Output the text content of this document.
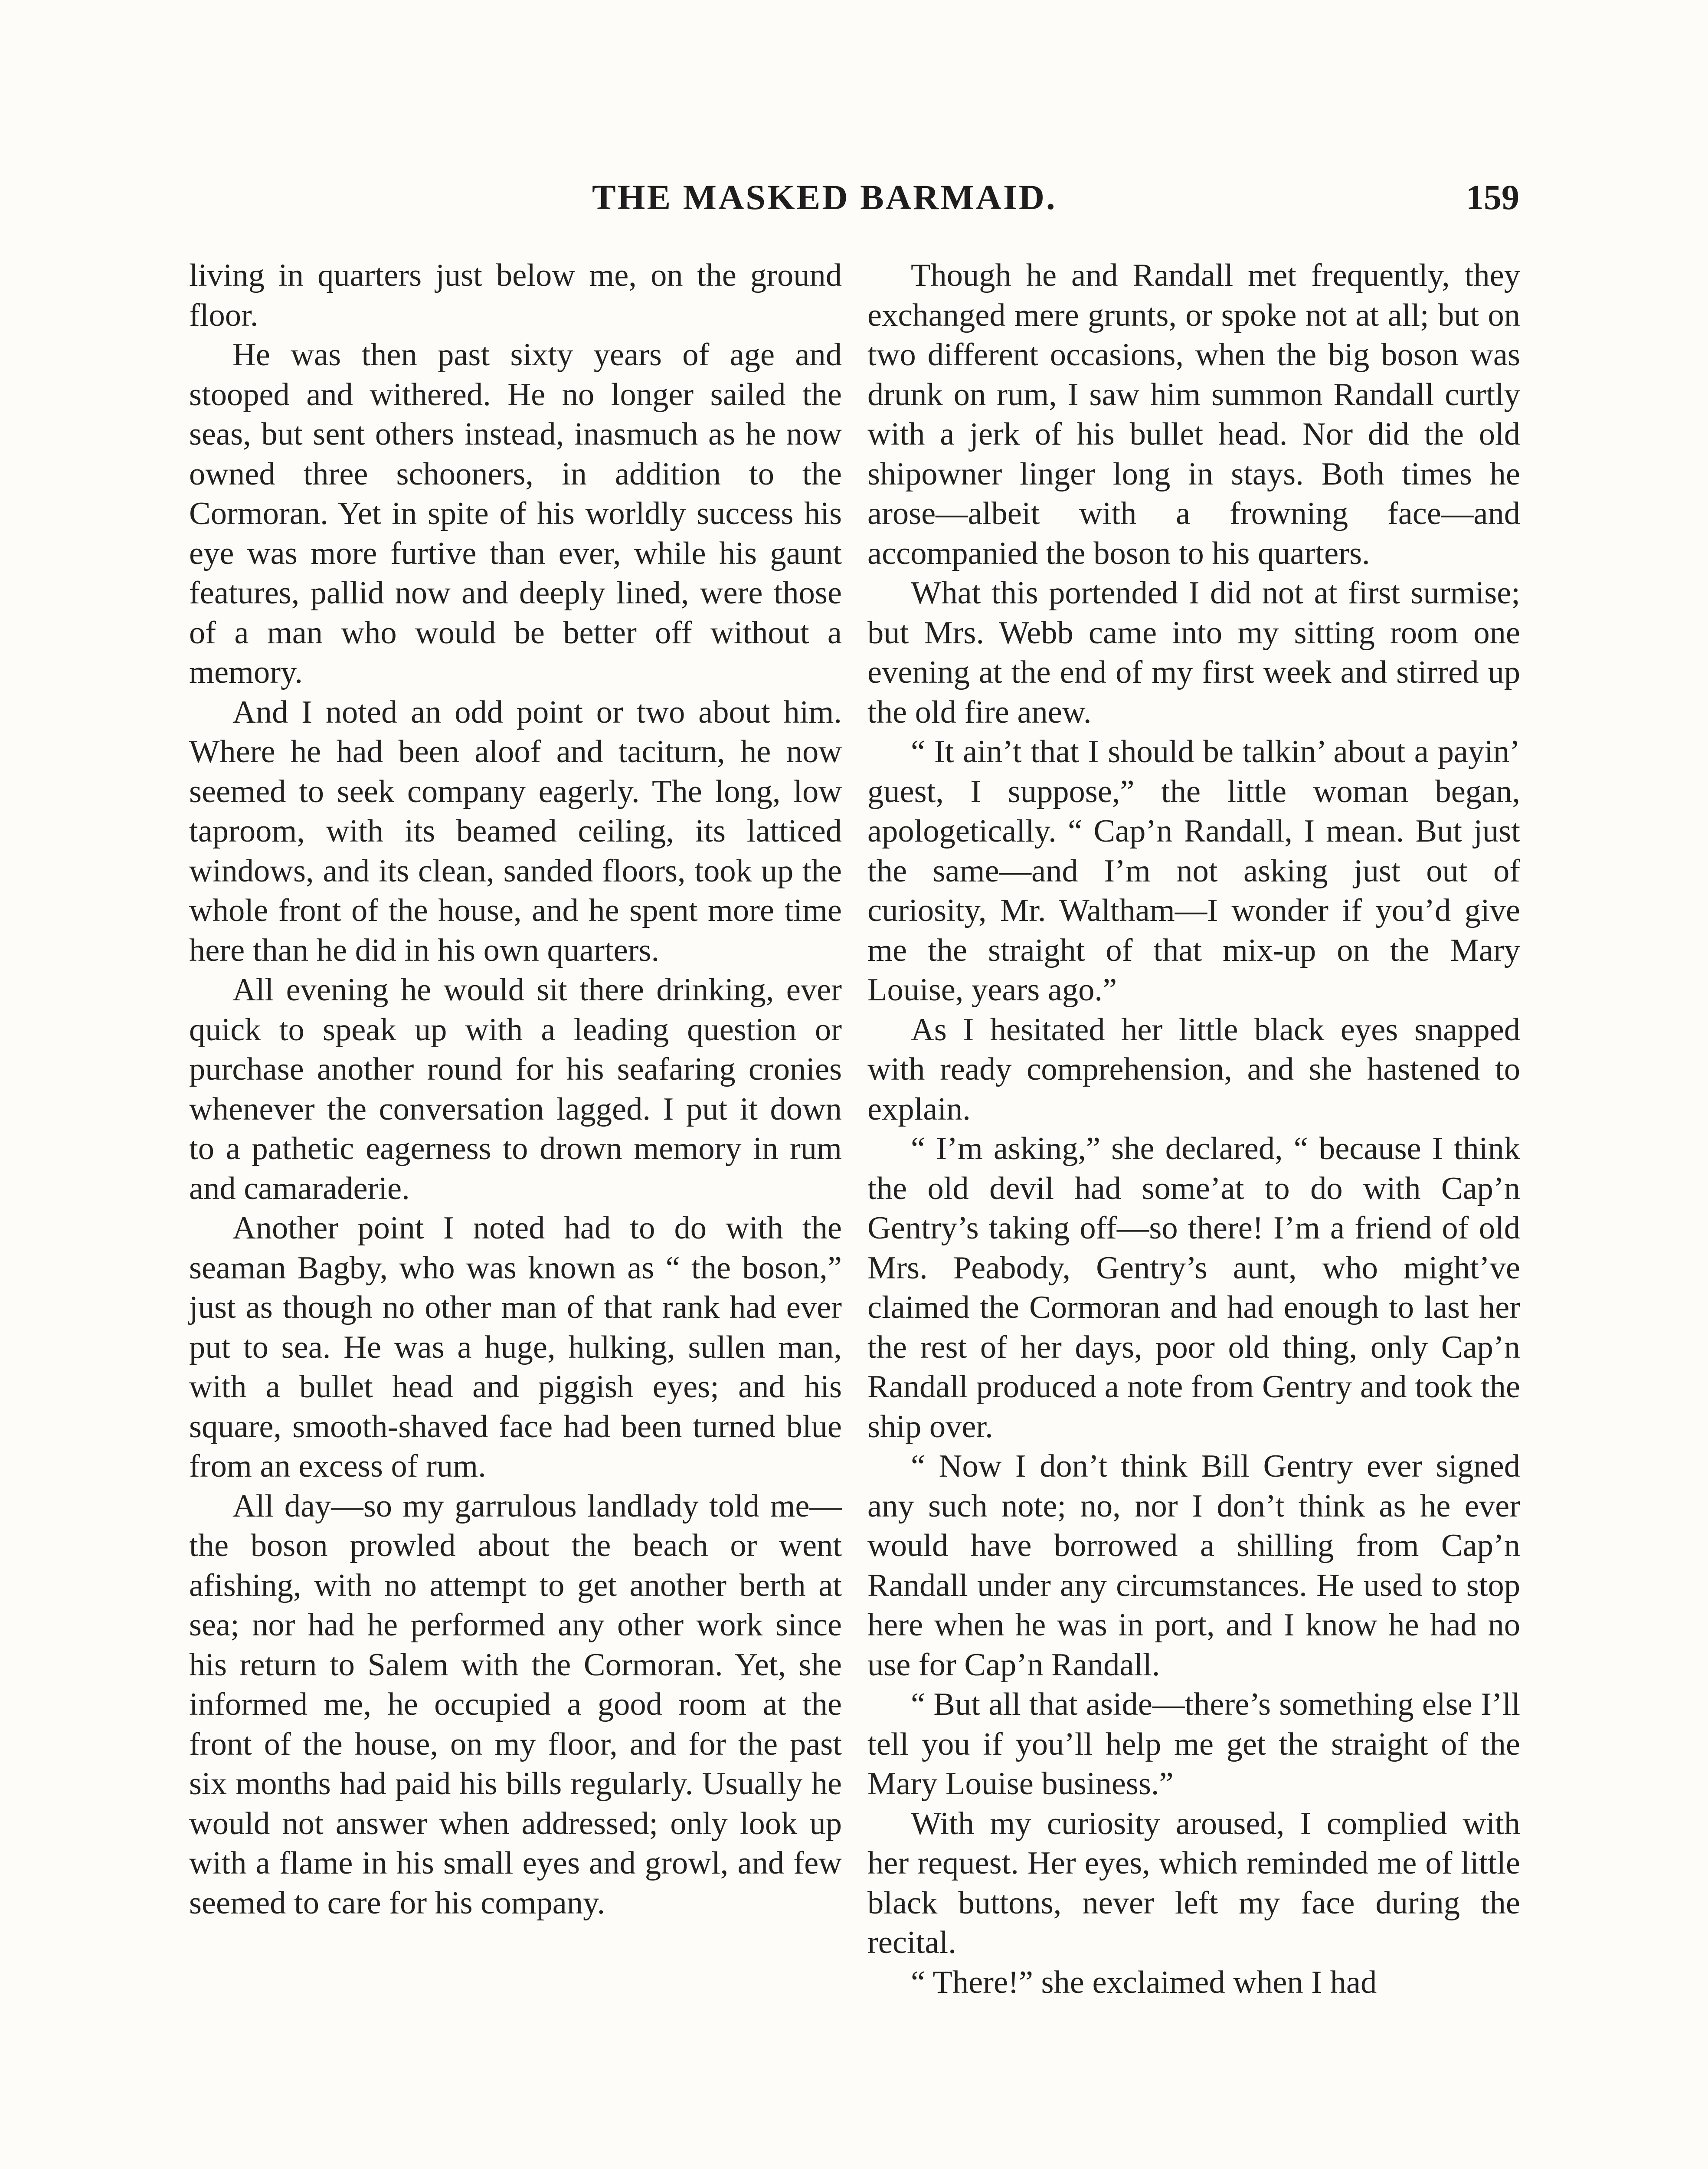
THE MASKED BARMAID.	159

living in quarters just below me, on the ground floor.

He was then past sixty years of age and stooped and withered. He no longer sailed the seas, but sent others instead, inasmuch as he now owned three schooners, in addition to the Cormoran. Yet in spite of his worldly success his eye was more furtive than ever, while his gaunt features, pallid now and deeply lined, were those of a man who would be better off without a memory.

And I noted an odd point or two about him. Where he had been aloof and taciturn, he now seemed to seek company eagerly. The long, low taproom, with its beamed ceiling, its latticed windows, and its clean, sanded floors, took up the whole front of the house, and he spent more time here than he did in his own quarters.

All evening he would sit there drinking, ever quick to speak up with a leading question or purchase another round for his seafaring cronies whenever the conversation lagged. I put it down to a pathetic eagerness to drown memory in rum and camaraderie.

Another point I noted had to do with the seaman Bagby, who was known as “ the boson,” just as though no other man of that rank had ever put to sea. He was a huge, hulking, sullen man, with a bullet head and piggish eyes; and his square, smooth-shaved face had been turned blue from an excess of rum.

All day—so my garrulous landlady told me—the boson prowled about the beach or went afishing, with no attempt to get another berth at sea; nor had he performed any other work since his return to Salem with the Cormoran. Yet, she informed me, he occupied a good room at the front of the house, on my floor, and for the past six months had paid his bills regularly. Usually he would not answer when addressed; only look up with a flame in his small eyes and growl, and few seemed to care for his company.

Though he and Randall met frequently, they exchanged mere grunts, or spoke not at all; but on two different occasions, when the big boson was drunk on rum, I saw him summon Randall curtly with a jerk of his bullet head. Nor did the old shipowner linger long in stays. Both times he arose—albeit with a frowning face—and accompanied the boson to his quarters.

What this portended I did not at first surmise; but Mrs. Webb came into my sitting room one evening at the end of my first week and stirred up the old fire anew.

“ It ain’t that I should be talkin’ about a payin’ guest, I suppose,” the little woman began, apologetically. “ Cap’n Randall, I mean. But just the same—and I’m not asking just out of curiosity, Mr. Waltham—I wonder if you’d give me the straight of that mix-up on the Mary Louise, years ago.”

As I hesitated her little black eyes snapped with ready comprehension, and she hastened to explain.

“ I’m asking,” she declared, “ because I think the old devil had some’at to do with Cap’n Gentry’s taking off—so there! I’m a friend of old Mrs. Peabody, Gentry’s aunt, who might’ve claimed the Cormoran and had enough to last her the rest of her days, poor old thing, only Cap’n Randall produced a note from Gentry and took the ship over.

“ Now I don’t think Bill Gentry ever signed any such note; no, nor I don’t think as he ever would have borrowed a shilling from Cap’n Randall under any circumstances. He used to stop here when he was in port, and I know he had no use for Cap’n Randall.

“ But all that aside—there’s something else I’ll tell you if you’ll help me get the straight of the Mary Louise business.”

With my curiosity aroused, I complied with her request. Her eyes, which reminded me of little black buttons, never left my face during the recital.

“ There!” she exclaimed when I had
